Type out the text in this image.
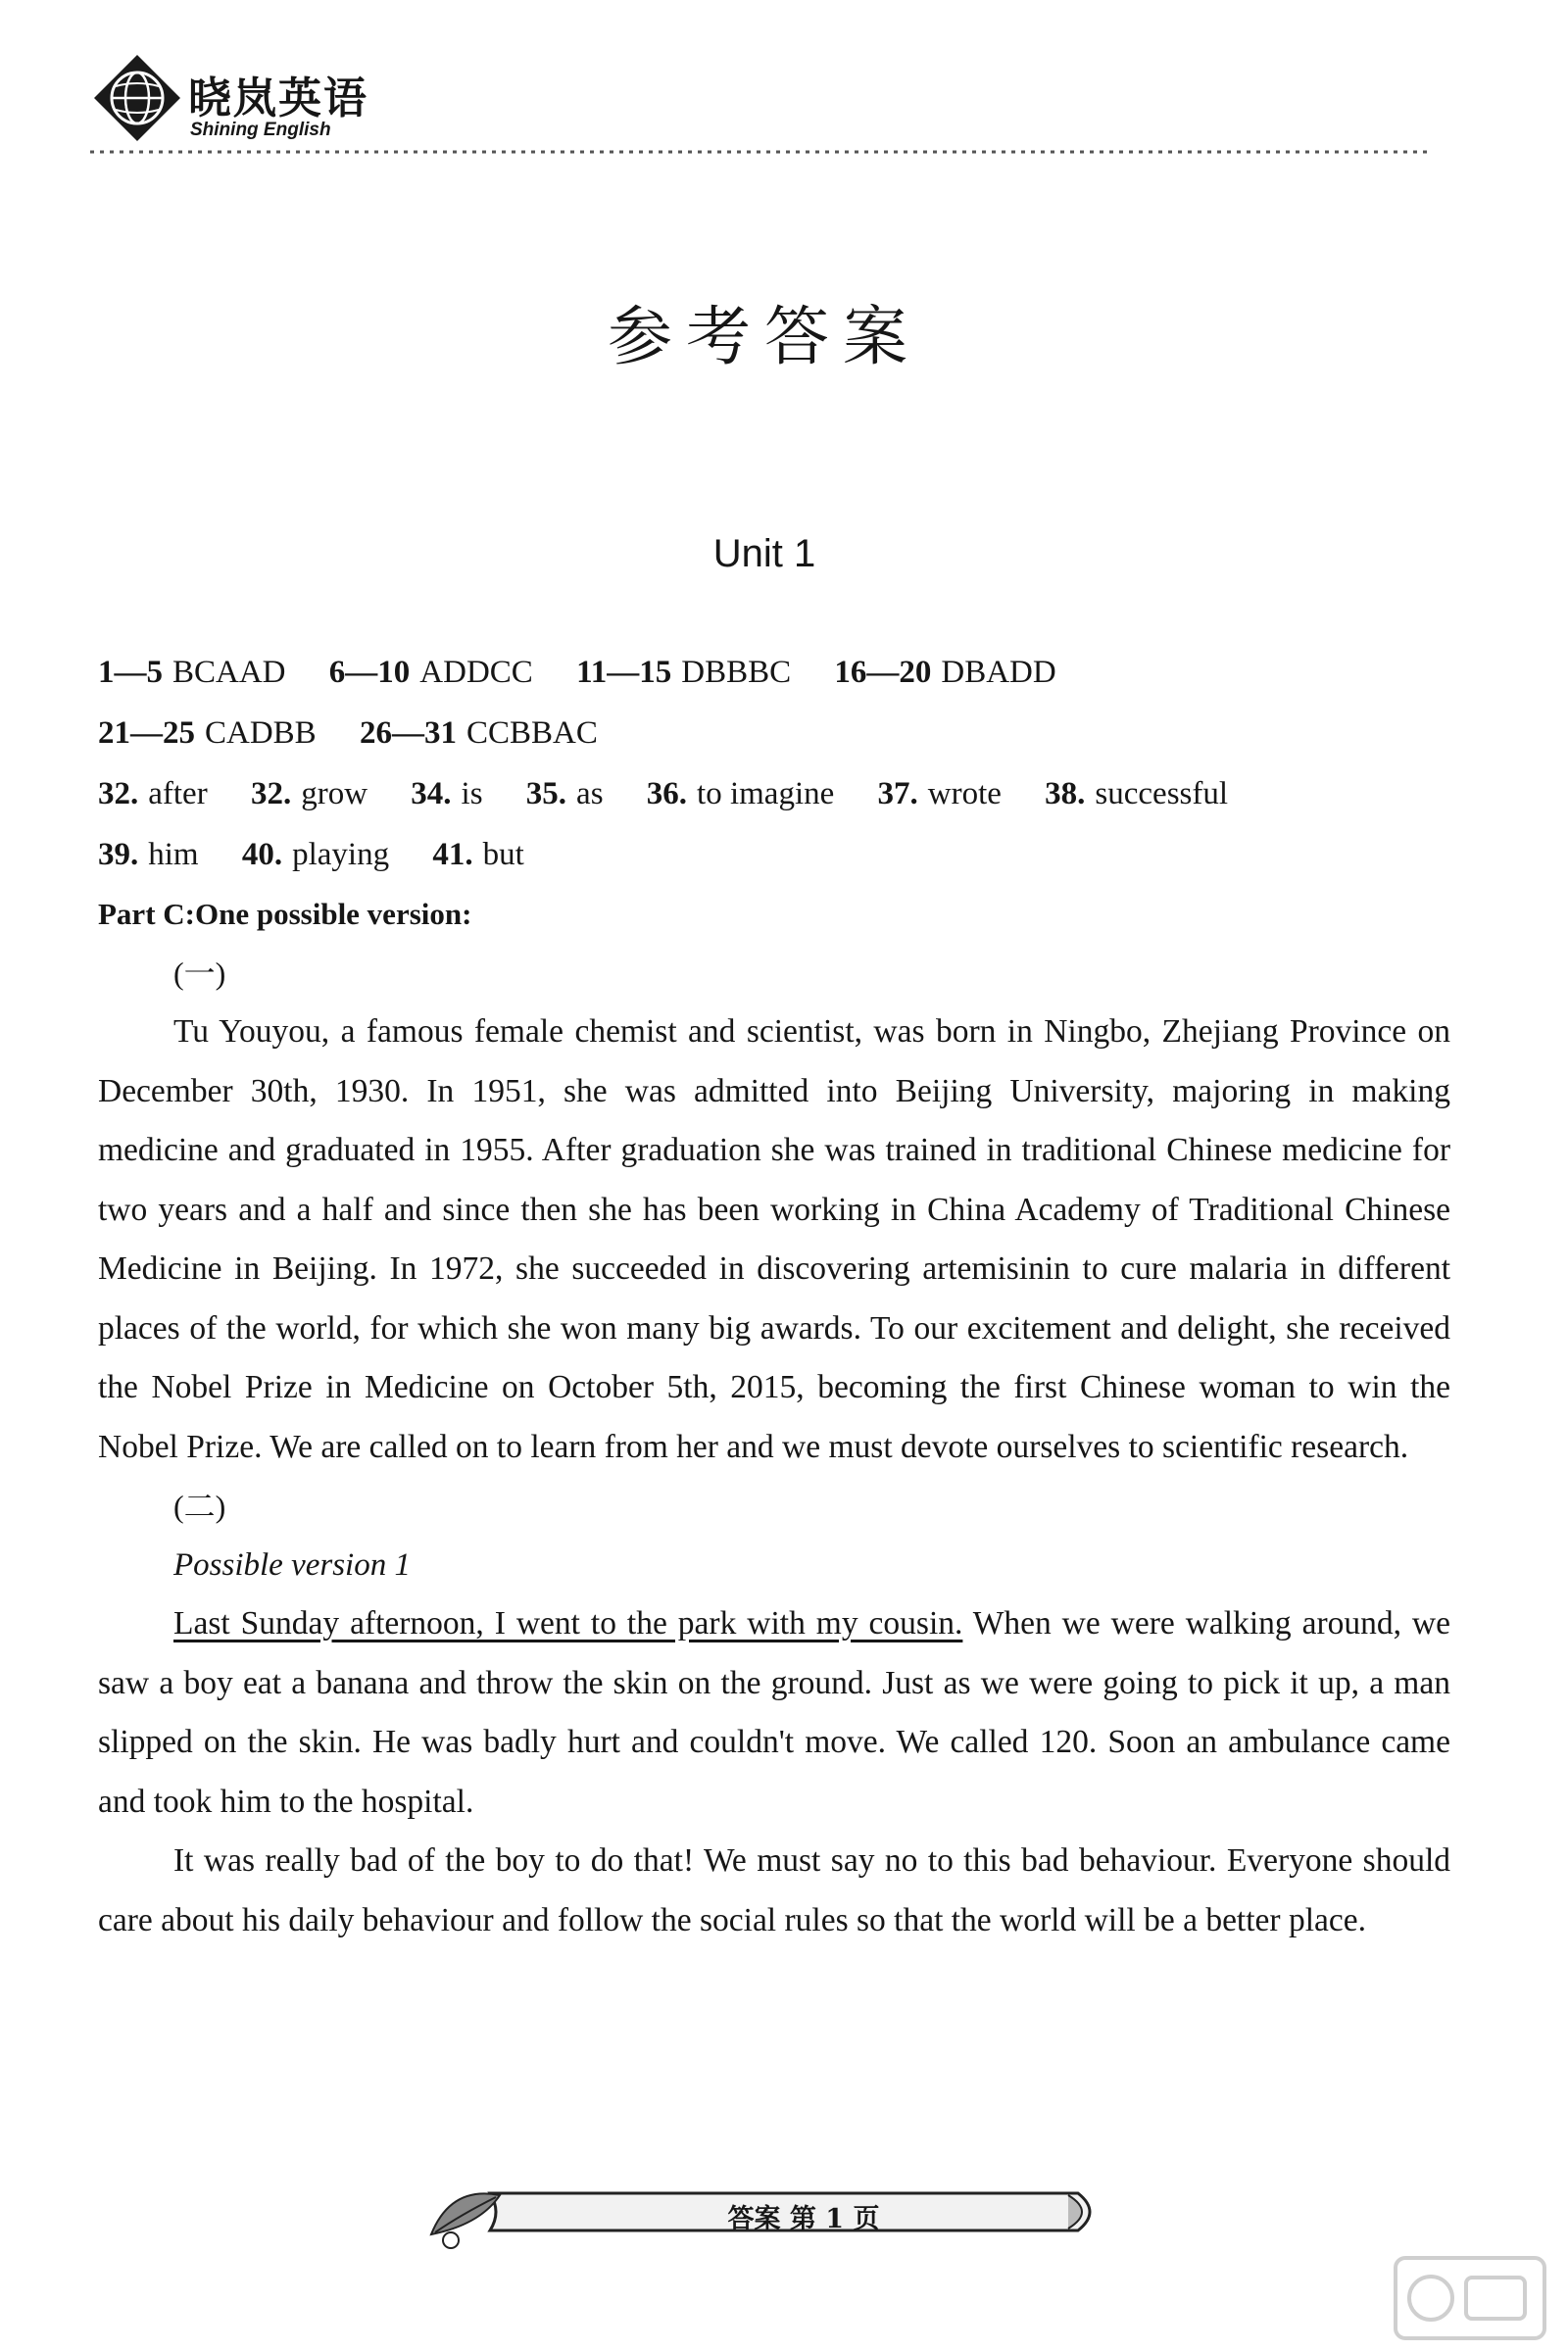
晓岚英语
Shining English
参考答案
Unit 1
1—5 BCAAD 6—10 ADDCC 11—15 DBBBC 16—20 DBADD
21—25 CADBB 26—31 CCBBAC
32. after 32. grow 34. is 35. as 36. to imagine 37. wrote 38. successful
39. him 40. playing 41. but
Part C:One possible version:
(一)

Tu Youyou, a famous female chemist and scientist, was born in Ningbo, Zhejiang Province on December 30th, 1930. In 1951, she was admitted into Beijing University, majoring in making medicine and graduated in 1955. After graduation she was trained in traditional Chinese medicine for two years and a half and since then she has been working in China Academy of Traditional Chinese Medicine in Beijing. In 1972, she succeeded in discovering artemisinin to cure malaria in different places of the world, for which she won many big awards. To our excitement and delight, she received the Nobel Prize in Medicine on October 5th, 2015, becoming the first Chinese woman to win the Nobel Prize. We are called on to learn from her and we must devote ourselves to scientific research.

(二)
Possible version 1

Last Sunday afternoon, I went to the park with my cousin. When we were walking around, we saw a boy eat a banana and throw the skin on the ground. Just as we were going to pick it up, a man slipped on the skin. He was badly hurt and couldn't move. We called 120. Soon an ambulance came and took him to the hospital.

It was really bad of the boy to do that! We must say no to this bad behaviour. Everyone should care about his daily behaviour and follow the social rules so that the world will be a better place.

答案 第 1 页
